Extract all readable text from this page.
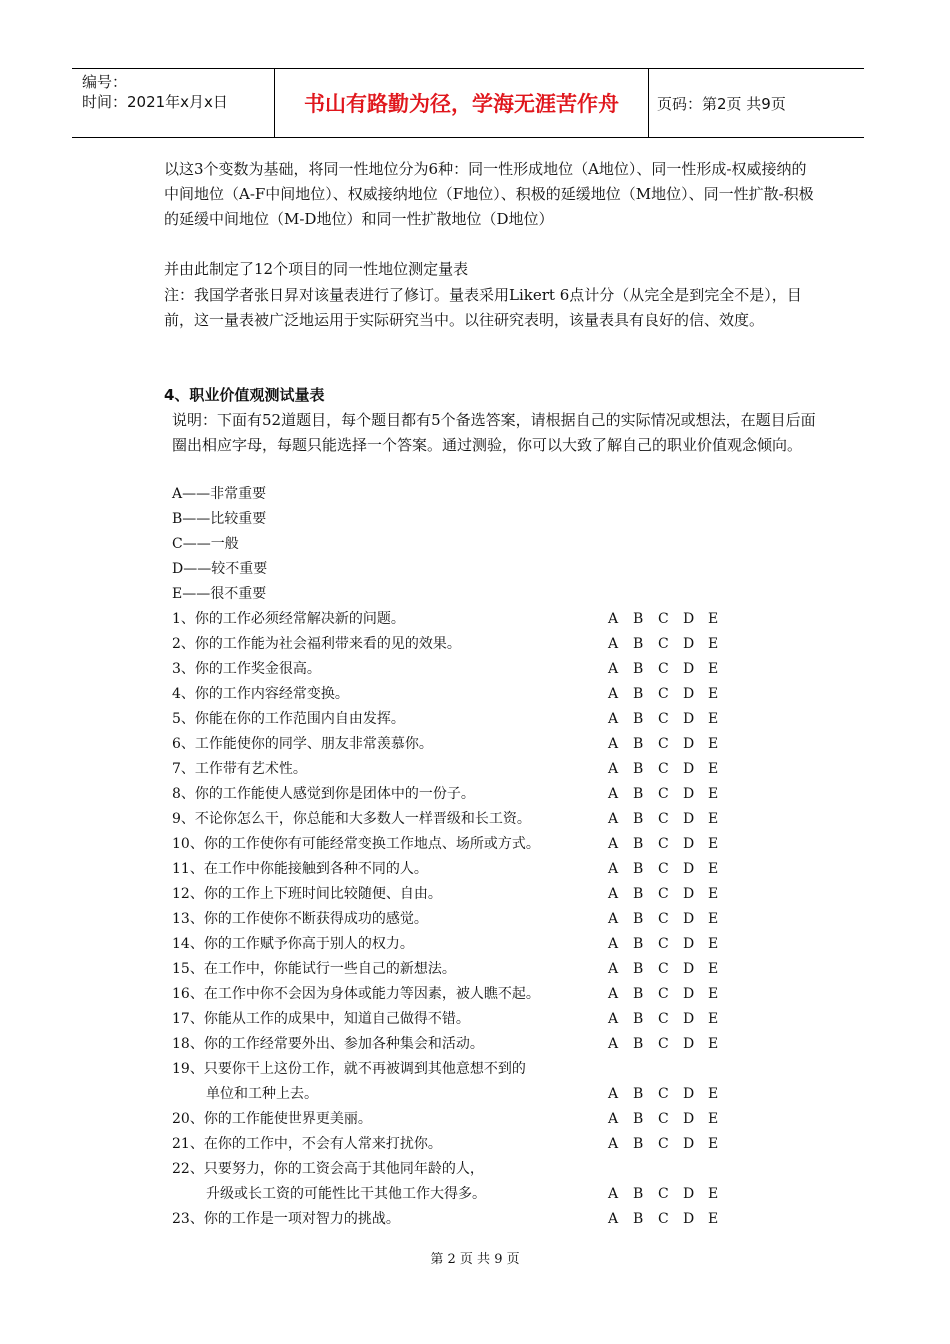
编号：
时间：2021年x月x日	书山有路勤为径，学海无涯苦作舟	页码：第2页 共9页
以这3个变数为基础，将同一性地位分为6种：同一性形成地位（A地位）、同一性形成-权威接纳的中间地位（A-F中间地位）、权威接纳地位（F地位）、积极的延缓地位（M地位）、同一性扩散-积极的延缓中间地位（M-D地位）和同一性扩散地位（D地位）
并由此制定了12个项目的同一性地位测定量表
注：我国学者张日昇对该量表进行了修订。量表采用Likert 6点计分（从完全是到完全不是），目前，这一量表被广泛地运用于实际研究当中。以往研究表明，该量表具有良好的信、效度。
4、职业价值观测试量表
说明：下面有52道题目，每个题目都有5个备选答案，请根据自己的实际情况或想法，在题目后面圈出相应字母，每题只能选择一个答案。通过测验，你可以大致了解自己的职业价值观念倾向。
A——非常重要
B——比较重要
C——一般
D——较不重要
E——很不重要
1、你的工作必须经常解决新的问题。	A	B	C	D E
2、你的工作能为社会福利带来看的见的效果。	A	B	C	D E
3、你的工作奖金很高。	A	B	C	D E
4、你的工作内容经常变换。	A	B	C	D E
5、你能在你的工作范围内自由发挥。	A	B	C	D E
6、工作能使你的同学、朋友非常羡慕你。	A	B	C	D E
7、工作带有艺术性。	A	B	C	D E
8、你的工作能使人感觉到你是团体中的一份子。	A	B	C	D E
9、不论你怎么干，你总能和大多数人一样晋级和长工资。	A	B	C	D E
10、你的工作使你有可能经常变换工作地点、场所或方式。	A	B	C	D E
11、在工作中你能接触到各种不同的人。	A	B	C	D E
12、你的工作上下班时间比较随便、自由。	A	B	C	D E
13、你的工作使你不断获得成功的感觉。	A	B	C	D E
14、你的工作赋予你高于别人的权力。	A	B	C	D E
15、在工作中，你能试行一些自己的新想法。	A	B	C	D E
16、在工作中你不会因为身体或能力等因素，被人瞧不起。	A	B	C	D E
17、你能从工作的成果中，知道自己做得不错。	A	B	C	D E
18、你的工作经常要外出、参加各种集会和活动。	A	B	C	D E
19、只要你干上这份工作，就不再被调到其他意想不到的
单位和工种上去。	A	B	C	D E
20、你的工作能使世界更美丽。	A	B	C	D E
21、在你的工作中，不会有人常来打扰你。	A	B	C	D E
22、只要努力，你的工资会高于其他同年龄的人，
升级或长工资的可能性比干其他工作大得多。	A	B	C	D E
23、你的工作是一项对智力的挑战。	A	B	C	D E
第 2 页 共 9 页
